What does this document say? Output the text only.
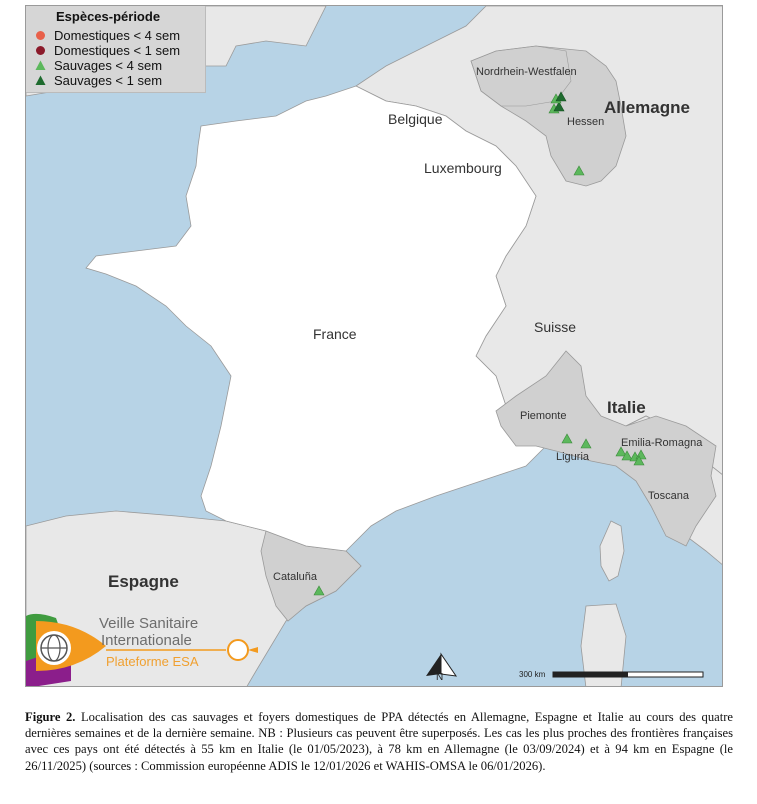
Espèces-période
Domestiques < 4 sem
Domestiques < 1 sem
Sauvages < 4 sem
Sauvages < 1 sem
Belgique
Allemagne
Luxembourg
France	Suisse
Italie
Espagne
Nordrhein-Westfalen
Hessen
Piemonte
Liguria
Emilia-Romagna
Toscana
Cataluña
Veille Sanitaire
Internationale
Plateforme ESA
300 km
N
Figure 2. Localisation des cas sauvages et foyers domestiques de PPA détectés en Allemagne, Espagne et Italie au cours des quatre dernières semaines et de la dernière semaine. NB : Plusieurs cas peuvent être superposés. Les cas les plus proches des frontières françaises avec ces pays ont été détectés à 55 km en Italie (le 01/05/2023), à 78 km en Allemagne (le 03/09/2024) et à 94 km en Espagne (le 26/11/2025) (sources : Commission européenne ADIS le 12/01/2026 et WAHIS-OMSA le 06/01/2026).
